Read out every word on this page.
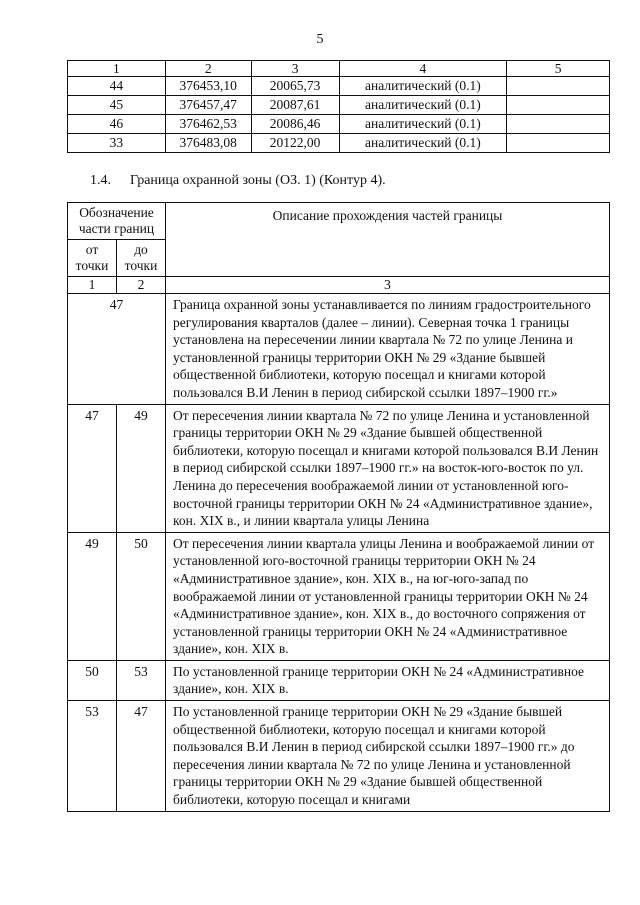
5
1	2	3	4	5
44	376453,10	20065,73	аналитический (0.1)	
45	376457,47	20087,61	аналитический (0.1)	
46	376462,53	20086,46	аналитический (0.1)	
33	376483,08	20122,00	аналитический (0.1)	
1.4. Граница охранной зоны (ОЗ. 1) (Контур 4).
Обозначение части границ		Описание прохождения частей границы
от точки	до точки	
1	2	3
47		Граница охранной зоны устанавливается по линиям градостроительного регулирования кварталов (далее – линии). Северная точка 1 границы установлена на пересечении линии квартала № 72 по улице Ленина и установленной границы территории ОКН № 29 «Здание бывшей общественной библиотеки, которую посещал и книгами которой пользовался В.И Ленин в период сибирской ссылки 1897–1900 гг.»
47	49	От пересечения линии квартала № 72 по улице Ленина и установленной границы территории ОКН № 29 «Здание бывшей общественной библиотеки, которую посещал и книгами которой пользовался В.И Ленин в период сибирской ссылки 1897–1900 гг.» на восток-юго-восток по ул. Ленина до пересечения воображаемой линии от установленной юго-восточной границы территории ОКН № 24 «Административное здание», кон. XIX в., и линии квартала улицы Ленина
49	50	От пересечения линии квартала улицы Ленина и воображаемой линии от установленной юго-восточной границы территории ОКН № 24 «Административное здание», кон. XIX в., на юг-юго-запад по воображаемой линии от установленной границы территории ОКН № 24 «Административное здание», кон. XIX в., до восточного сопряжения от установленной границы территории ОКН № 24 «Административное здание», кон. XIX в.
50	53	По установленной границе территории ОКН № 24 «Административное здание», кон. XIX в.
53	47	По установленной границе территории ОКН № 29 «Здание бывшей общественной библиотеки, которую посещал и книгами которой пользовался В.И Ленин в период сибирской ссылки 1897–1900 гг.» до пересечения линии квартала № 72 по улице Ленина и установленной границы территории ОКН № 29 «Здание бывшей общественной библиотеки, которую посещал и книгами
